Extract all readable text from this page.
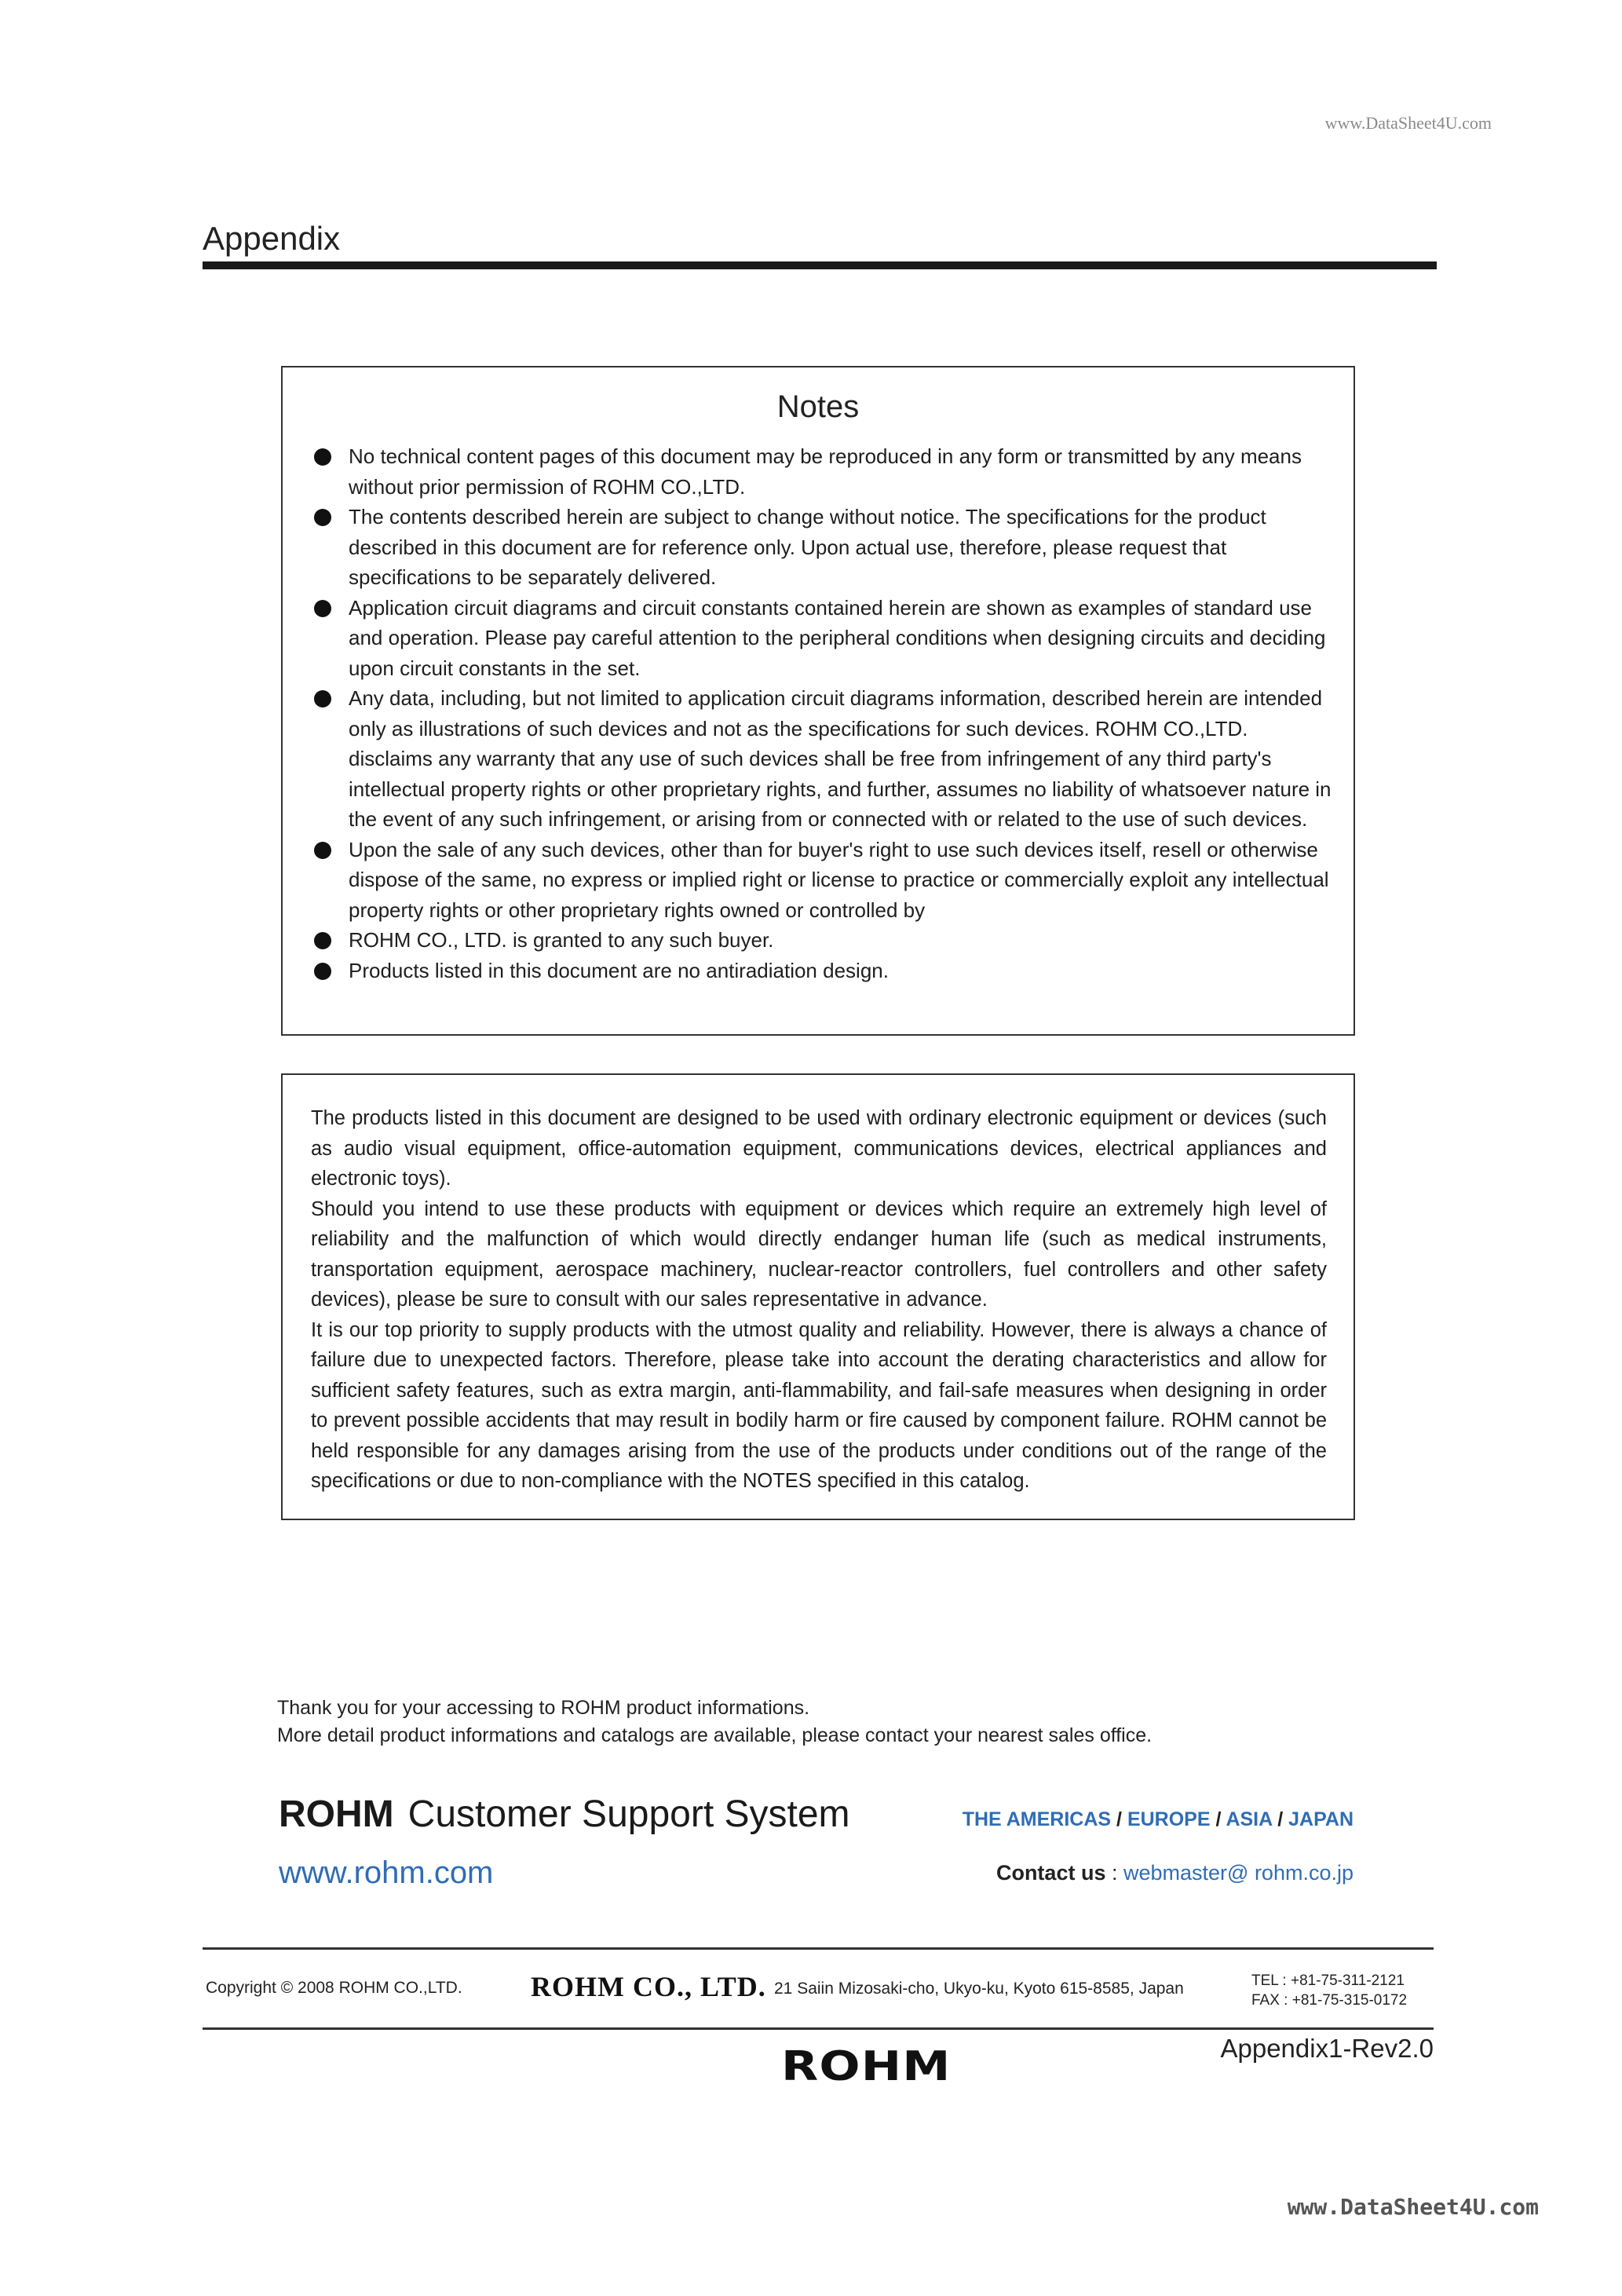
www.DataSheet4U.com
Appendix
Notes
No technical content pages of this document may be reproduced in any form or transmitted by any means without prior permission of ROHM CO.,LTD.
The contents described herein are subject to change without notice. The specifications for the product described in this document are for reference only. Upon actual use, therefore, please request that specifications to be separately delivered.
Application circuit diagrams and circuit constants contained herein are shown as examples of standard use and operation. Please pay careful attention to the peripheral conditions when designing circuits and deciding upon circuit constants in the set.
Any data, including, but not limited to application circuit diagrams information, described herein are intended only as illustrations of such devices and not as the specifications for such devices. ROHM CO.,LTD. disclaims any warranty that any use of such devices shall be free from infringement of any third party's intellectual property rights or other proprietary rights, and further, assumes no liability of whatsoever nature in the event of any such infringement, or arising from or connected with or related to the use of such devices.
Upon the sale of any such devices, other than for buyer's right to use such devices itself, resell or otherwise dispose of the same, no express or implied right or license to practice or commercially exploit any intellectual property rights or other proprietary rights owned or controlled by
ROHM CO., LTD. is granted to any such buyer.
Products listed in this document are no antiradiation design.

The products listed in this document are designed to be used with ordinary electronic equipment or devices (such as audio visual equipment, office-automation equipment, communications devices, electrical appliances and electronic toys).

Should you intend to use these products with equipment or devices which require an extremely high level of reliability and the malfunction of which would directly endanger human life (such as medical instruments, transportation equipment, aerospace machinery, nuclear-reactor controllers, fuel controllers and other safety devices), please be sure to consult with our sales representative in advance.

It is our top priority to supply products with the utmost quality and reliability. However, there is always a chance of failure due to unexpected factors. Therefore, please take into account the derating characteristics and allow for sufficient safety features, such as extra margin, anti-flammability, and fail-safe measures when designing in order to prevent possible accidents that may result in bodily harm or fire caused by component failure. ROHM cannot be held responsible for any damages arising from the use of the products under conditions out of the range of the specifications or due to non-compliance with the NOTES specified in this catalog.

Thank you for your accessing to ROHM product informations.
More detail product informations and catalogs are available, please contact your nearest sales office.
ROHM Customer Support System	THE AMERICAS / EUROPE / ASIA / JAPAN
www.rohm.com	Contact us : webmaster@ rohm.co.jp
Copyright © 2008 ROHM CO.,LTD. ROHM CO., LTD. 21 Saiin Mizosaki-cho, Ukyo-ku, Kyoto 615-8585, Japan	TEL : +81-75-311-2121
FAX : +81-75-315-0172
Appendix1-Rev2.0
ROHM
www.DataSheet4U.com
